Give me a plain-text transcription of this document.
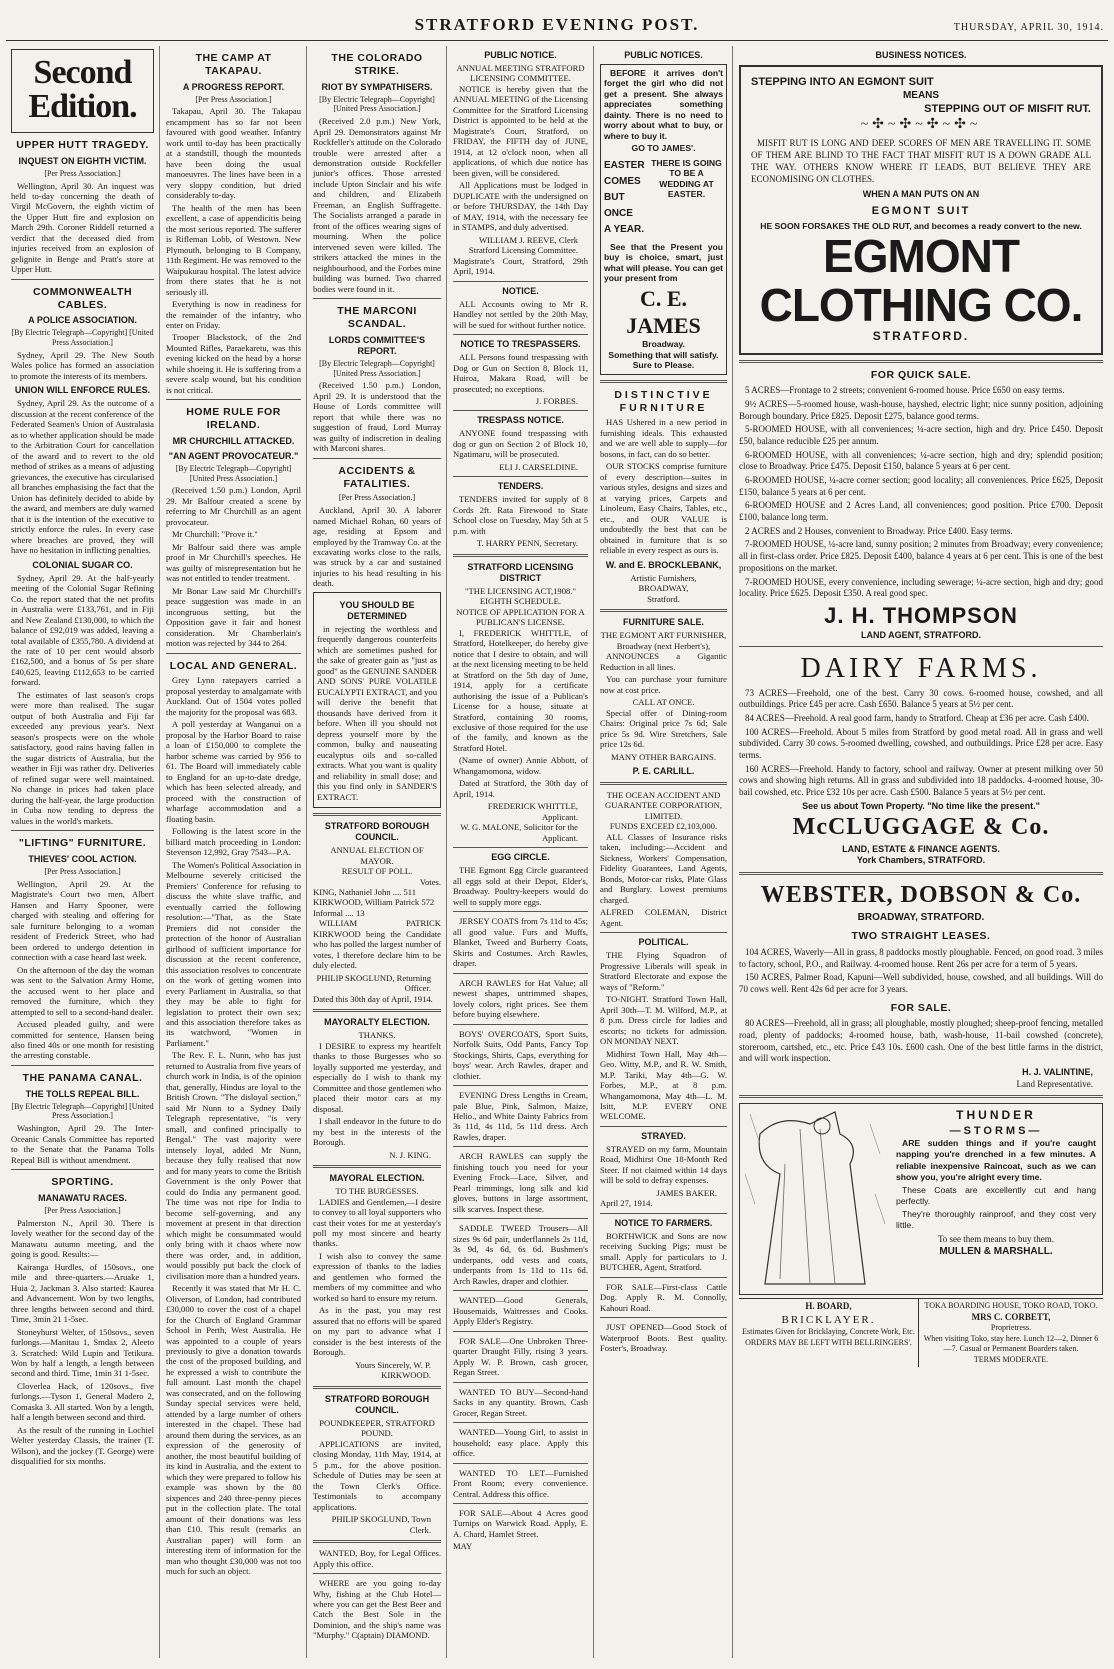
STRATFORD EVENING POST.	THURSDAY, APRIL 30, 1914.
Second Edition.
UPPER HUTT TRAGEDY.
INQUEST ON EIGHTH VICTIM.
[Per Press Association.]

Wellington, April 30. An inquest was held to-day concerning the death of Virgil McGovern, the eighth victim of the Upper Hutt fire and explosion on March 29th. Coroner Riddell returned a verdict that the deceased died from injuries received from an explosion of gelignite in Benge and Pratt's store at Upper Hutt.

COMMONWEALTH CABLES.
A POLICE ASSOCIATION.
[By Electric Telegraph—Copyright] [United Press Association.]

Sydney, April 29. The New South Wales police has formed an association to promote the interests of its members.

UNION WILL ENFORCE RULES.

Sydney, April 29. As the outcome of a discussion at the recent conference of the Federated Seamen's Union of Australasia as to whether application should be made to the Arbitration Court for cancellation of the award and to revert to the old method of strikes as a means of adjusting grievances, the executive has circularised all branches emphasising the fact that the Union has definitely decided to abide by the award, and members are duly warned that it is the intention of the executive to strictly enforce the rules. In every case where breaches are proved, they will have no hesitation in inflicting penalties.

COLONIAL SUGAR CO.

Sydney, April 29. At the half-yearly meeting of the Colonial Sugar Refining Co. the report stated that the net profits in Australia were £133,761, and in Fiji and New Zealand £130,000, to which the balance of £92,019 was added, leaving a total available of £355,780. A dividend at the rate of 10 per cent would absorb £162,500, and a bonus of 5s per share £40,625, leaving £112,653 to be carried forward.

The estimates of last season's crops were more than realised. The sugar output of both Australia and Fiji far exceeded any previous year's. Next season's prospects were on the whole satisfactory, good rains having fallen in the sugar districts of Australia, but the weather in Fiji was rather dry. Deliveries of refined sugar were well maintained. No change in prices had taken place during the half-year, the large production in Cuba now tending to depress the values in the world's markets.

"LIFTING" FURNITURE.
THIEVES' COOL ACTION.
[Per Press Association.]

Wellington, April 29. At the Magistrate's Court two men, Albert Hansen and Harry Spooner, were charged with stealing and offering for sale furniture belonging to a woman resident of Frederick Street, who had been ordered to undergo detention in connection with a case heard last week.

On the afternoon of the day the woman was sent to the Salvation Army Home, the accused went to her place and removed the furniture, which they attempted to sell to a second-hand dealer.

Accused pleaded guilty, and were committed for sentence, Hansen being also fined 40s or one month for resisting the arresting constable.

THE PANAMA CANAL.
THE TOLLS REPEAL BILL.
[By Electric Telegraph—Copyright] [United Press Association.]

Washington, April 29. The Inter-Oceanic Canals Committee has reported to the Senate that the Panama Tolls Repeal Bill is without amendment.

SPORTING.
MANAWATU RACES.
[Per Press Association.]

Palmerston N., April 30. There is lovely weather for the second day of the Manawatu autumn meeting, and the going is good. Results:—

Kairanga Hurdles, of 150sovs., one mile and three-quarters.—Aruake 1, Huia 2, Jackman 3. Also started: Kaurea and Advancement. Won by two lengths, three lengths between second and third. Time, 3min 21 1-5sec.

Stoneyhurst Welter, of 150sovs., seven furlongs.—Manitau 1, Smdax 2, Aleeto 3. Scratched: Wild Lupin and Tetikura. Won by half a length, a length between second and third. Time, 1min 31 1-5sec.

Cloverlea Hack, of 120sovs., five furlongs.—Tyson 1, General Madero 2, Comaska 3. All started. Won by a length, half a length between second and third.

As the result of the running in Lochiel Welter yesterday Classis, the trainer (T. Wilson), and the jockey (T. George) were disqualified for six months.

THE CAMP AT TAKAPAU.
A PROGRESS REPORT.
[Per Press Association.]

Takapau, April 30. The Takapau encampment has so far not been favoured with good weather. Infantry work until to-day has been practically at a standstill, though the mounteds have been doing the usual manoeuvres. The lines have been in a very sloppy condition, but dried considerably to-day.

The health of the men has been excellent, a case of appendicitis being the most serious reported. The sufferer is Rifleman Lobb, of Westown. New Plymouth, belonging to B Company, 11th Regiment. He was removed to the Waipukurau hospital. The latest advice from there states that he is not seriously ill.

Everything is now in readiness for the remainder of the infantry, who enter on Friday.

Trooper Blackstock, of the 2nd Mounted Rifles, Paraekaretu, was this evening kicked on the head by a horse while shoeing it. He is suffering from a severe scalp wound, but his condition is not critical.

HOME RULE FOR IRELAND.
MR CHURCHILL ATTACKED.
"AN AGENT PROVOCATEUR."
[By Electric Telegraph—Copyright] [United Press Association.]

(Received 1.50 p.m.) London, April 29. Mr Balfour created a scene by referring to Mr Churchill as an agent provocateur.

Mr Churchill: "Prove it."

Mr Balfour said there was ample proof in Mr Churchill's speeches. He was guilty of misrepresentation but he was not entitled to tender treatment.

Mr Bonar Law said Mr Churchill's peace suggestion was made in an incongruous setting, but the Opposition gave it fair and honest consideration. Mr Chamberlain's motion was rejected by 344 to 264.

LOCAL AND GENERAL.

Grey Lynn ratepayers carried a proposal yesterday to amalgamate with Auckland. Out of 1504 votes polled the majority for the proposal was 683.

A poll yesterday at Wanganui on a proposal by the Harbor Board to raise a loan of £150,000 to complete the harbor scheme was carried by 956 to 61. The Board will immediately cable to England for an up-to-date dredge, which has been selected already, and proceed with the construction of wharfage accommodation and a floating basin.

Following is the latest score in the billiard match proceeding in London: Stevenson 12,992, Gray 7543—P.A.

The Women's Political Association in Melbourne severely criticised the Premiers' Conference for refusing to discuss the white slave traffic, and eventually carried the following resolution:—"That, as the State Premiers did not consider the protection of the honor of Australian girlhood of sufficient importance for discussion at the recent conference, this association resolves to concentrate on the work of getting women into every Parliament in Australia, so that they may be able to fight for legislation to protect their own sex; and this association therefore takes as its watchword, "Women in Parliament."

The Rev. F. L. Nunn, who has just returned to Australia from five years of church work in India, is of the opinion that, generally, Hindus are loyal to the British Crown. "The disloyal section," said Mr Nunn to a Sydney Daily Telegraph representative, "is very small, and confined principally to Bengal." The vast majority were intensely loyal, added Mr Nunn, because they fully realised that now and for many years to come the British Government is the only Power that could do India any permanent good. The time was not ripe for India to become self-governing, and any movement at present in that direction which might be consummated would only bring with it chaos where now there was order, and, in addition, would possibly put back the clock of civilisation more than a hundred years.

Recently it was stated that Mr H. C. Oliverson, of London, had contributed £30,000 to cover the cost of a chapel for the Church of England Grammar School in Perth, West Australia. He was appointed to a couple of years previously to give a donation towards the cost of the proposed building, and he expressed a wish to contribute the full amount. Last month the chapel was consecrated, and on the following Sunday special services were held, attended by a large number of others interested in the chapel. These had around them during the services, as an expression of the generosity of another, the most beautiful building of its kind in Australia, and the extent to which they were prepared to follow his example was shown by the 80 sixpences and 240 three-penny pieces put in the collection plate. The total amount of their donations was less than £10. This result (remarks an Australian paper) will form an interesting item of information for the man who thought £30,000 was not too much for such an object.

THE COLORADO STRIKE.
RIOT BY SYMPATHISERS.
[By Electric Telegraph—Copyright] [United Press Association.]

(Received 2.0 p.m.) New York, April 29. Demonstrators against Mr Rockfeller's attitude on the Colorado trouble were arrested after a demonstration outside Rockfeller junior's offices. Those arrested include Upton Sinclair and his wife and children, and Elizabeth Freeman, an English Suffragette. The Socialists arranged a parade in front of the offices wearing signs of mourning. When the police intervened seven were killed. The strikers attacked the mines in the neighbourhood, and the Forbes mine building was burned. Two charred bodies were found in it.

THE MARCONI SCANDAL.
LORDS COMMITTEE'S REPORT.
[By Electric Telegraph—Copyright] [United Press Association.]

(Received 1.50 p.m.) London, April 29. It is understood that the House of Lords committee will report that while there was no suggestion of fraud, Lord Murray was guilty of indiscretion in dealing with Marconi shares.

ACCIDENTS & FATALITIES.
[Per Press Association.]

Auckland, April 30. A laborer named Michael Rohan, 60 years of age, residing at Epsom and employed by the Tramway Co. at the excavating works close to the rails, was struck by a car and sustained injuries to his head resulting in his death.

YOU SHOULD BE DETERMINED

in rejecting the worthless and frequently dangerous counterfeits which are sometimes pushed for the sake of greater gain as "just as good" as the GENUINE SANDER AND SONS' PURE VOLATILE EUCALYPTI EXTRACT, and you will derive the benefit that thousands have derived from it before. When ill you should not depress yourself more by the common, bulky and nauseating eucalyptus oils and so-called extracts. What you want is quality and reliability in small dose; and this you find only in SANDER'S EXTRACT.

STRATFORD BOROUGH COUNCIL.
ANNUAL ELECTION OF MAYOR.
RESULT OF POLL.
Votes.
KING, Nathaniel John .... 511
KIRKWOOD, William Patrick 572
Informal .... 13

WILLIAM PATRICK KIRKWOOD being the Candidate who has polled the largest number of votes, I therefore declare him to be duly elected.

PHILIP SKOGLUND, Returning Officer.
Dated this 30th day of April, 1914.
MAYORALTY ELECTION.
THANKS.

I DESIRE to express my heartfelt thanks to those Burgesses who so loyally supported me yesterday, and especially do I wish to thank my Committee and those gentlemen who placed their motor cars at my disposal.

I shall endeavor in the future to do my best in the interests of the Borough.

N. J. KING.
MAYORAL ELECTION.
TO THE BURGESSES.

LADIES and Gentlemen,—I desire to convey to all loyal supporters who cast their votes for me at yesterday's poll my most sincere and hearty thanks.

I wish also to convey the same expression of thanks to the ladies and gentlemen who formed the members of my committee and who worked so hard to ensure my return.

As in the past, you may rest assured that no efforts will be spared on my part to advance what I consider is the best interests of the Borough.

Yours Sincerely, W. P. KIRKWOOD.
STRATFORD BOROUGH COUNCIL.
POUNDKEEPER, STRATFORD POUND.

APPLICATIONS are invited, closing Monday, 11th May, 1914, at 5 p.m., for the above position. Schedule of Duties may be seen at the Town Clerk's Office. Testimonials to accompany applications.

PHILIP SKOGLUND, Town Clerk.

WANTED, Boy, for Legal Offices. Apply this office.

WHERE are you going to-day Why, fishing at the Club Hotel—where you can get the Best Beer and Catch the Best Sole in the Dominion, and the ship's name was "Murphy." C(aptain) DIAMOND.

PUBLIC NOTICE.
ANNUAL MEETING STRATFORD LICENSING COMMITTEE.

NOTICE is hereby given that the ANNUAL MEETING of the Licensing Committee for the Stratford Licensing District is appointed to be held at the Magistrate's Court, Stratford, on FRIDAY, the FIFTH day of JUNE, 1914, at 12 o'clock noon, when all applications, of which due notice has been given, will be considered.

All Applications must be lodged in DUPLICATE with the undersigned on or before THURSDAY, the 14th Day of MAY, 1914, with the necessary fee in STAMPS, and duly advertised.

WILLIAM J. REEVE, Clerk Stratford Licensing Committee.
Magistrate's Court, Stratford, 29th April, 1914.
NOTICE.

ALL Accounts owing to Mr R. Handley not settled by the 20th May, will be sued for without further notice.

NOTICE TO TRESPASSERS.

ALL Persons found trespassing with Dog or Gun on Section 8, Block 11, Huiroa, Makara Road, will be prosecuted; no exceptions.

J. FORBES.
TRESPASS NOTICE.

ANYONE found trespassing with dog or gun on Section 2 of Block 10, Ngatimaru, will be prosecuted.

ELI J. CARSELDINE.
TENDERS.

TENDERS invited for supply of 8 Cords 2ft. Rata Firewood to State School close on Tuesday, May 5th at 5 p.m. with

T. HARRY PENN, Secretary.
STRATFORD LICENSING DISTRICT
"THE LICENSING ACT,1908."
EIGHTH SCHEDULE.
NOTICE OF APPLICATION FOR A PUBLICAN'S LICENSE.

I, FREDERICK WHITTLE, of Stratford, Hotelkeeper, do hereby give notice that I desire to obtain, and will at the next licensing meeting to be held at Stratford on the 5th day of June, 1914, apply for a certificate authorising the issue of a Publican's License for a house, situate at Stratford, containing 30 rooms, exclusive of those required for the use of the family, and known as the Stratford Hotel.

(Name of owner) Annie Abbott, of Whangamomona, widow.

Dated at Stratford, the 30th day of April, 1914.

FREDERICK WHITTLE, Applicant.
W. G. MALONE, Solicitor for the Applicant.
EGG CIRCLE.

THE Egmont Egg Circle guaranteed all eggs sold at their Depot, Elder's, Broadway. Poultry-keepers would do well to supply more eggs.

JERSEY COATS from 7s 11d to 45s; all good value. Furs and Muffs, Blanket, Tweed and Burberry Coats, Skirts and Costumes. Arch Rawles, draper.

ARCH RAWLES for Hat Value; all newest shapes, untrimmed shapes, lovely colors, right prices. See them before buying elsewhere.

BOYS' OVERCOATS, Sport Suits, Norfolk Suits, Odd Pants, Fancy Top Stockings, Shirts, Caps, everything for boys' wear. Arch Rawles, draper and clothier.

EVENING Dress Lengths in Cream, pale Blue, Pink, Salmon, Maize, Helio., and White Dainty Fabrics from 3s 11d, 4s 11d, 5s 11d dress. Arch Rawles, draper.

ARCH RAWLES can supply the finishing touch you need for your Evening Frock—Lace, Silver, and Pearl trimmings, long silk and kid gloves, buttons in large assortment, silk scarves. Inspect these.

SADDLE TWEED Trousers—All sizes 9s 6d pair, underflannels 2s 11d, 3s 9d, 4s 6d, 6s 6d. Bushmen's underpants, odd vests and coats, underpants from 1s 11d to 11s 6d. Arch Rawles, draper and clothier.

WANTED—Good Generals, Housemaids, Waitresses and Cooks. Apply Elder's Registry.

FOR SALE—One Unbroken Three-quarter Draught Filly, rising 3 years. Apply W. P. Brown, cash grocer, Regan Street.

WANTED TO BUY—Second-hand Sacks in any quantity. Brown, Cash Grocer, Regan Street.

WANTED—Young Girl, to assist in household; easy place. Apply this office.

WANTED TO LET—Furnished Front Room; every convenience. Central. Address this office.

FOR SALE—About 4 Acres good Turnips on Warwick Road. Apply, E. A. Chard, Hamlet Street.

MAY
PUBLIC NOTICES.

BEFORE it arrives don't forget the girl who did not get a present. She always appreciates something dainty. There is no need to worry about what to buy, or where to buy it.

GO TO JAMES'.
EASTER
COMES
BUT
ONCE
A YEAR.
THERE IS GOING TO BE A WEDDING AT EASTER.

See that the Present you buy is choice, smart, just what will please. You can get your present from

C. E. JAMES
Broadway.
Something that will satisfy. Sure to Please.
DISTINCTIVE FURNITURE

HAS Ushered in a new period in furnishing ideals. This exhausted and we are well able to supply—for bosons, in fact, can do so better.

OUR STOCKS comprise furniture of every description—suites in various styles, designs and sizes and at varying prices, Carpets and Linoleum, Easy Chairs, Tables, etc., etc., and OUR VALUE is undoubtedly the best that can be obtained in furniture that is so reliable in every respect as ours is.

W. and E. BROCKLEBANK,
Artistic Furnishers,
BROADWAY,
Stratford.
FURNITURE SALE.
THE EGMONT ART FURNISHER, Broadway (next Herbert's),

ANNOUNCES a Gigantic Reduction in all lines.

You can purchase your furniture now at cost price.

CALL AT ONCE.

Special offer of Dining-room Chairs: Original price 7s 6d; Sale price 5s 9d. Wire Stretchers, Sale price 12s 6d.

MANY OTHER BARGAINS.
P. E. CARLILL.
THE OCEAN ACCIDENT AND GUARANTEE CORPORATION, LIMITED.
FUNDS EXCEED £2,103,000.

ALL Classes of Insurance risks taken, including:—Accident and Sickness, Workers' Compensation, Fidelity Guarantees, Land Agents, Bonds, Motor-car risks, Plate Glass and Burglary. Lowest premiums charged.

ALFRED COLEMAN, District Agent.
POLITICAL.

THE Flying Squadron of Progressive Liberals will speak in Stratford Electorate and expose the ways of "Reform."

TO-NIGHT. Stratford Town Hall, April 30th—T. M. Wilford, M.P., at 8 p.m. Dress circle for ladies and escorts; no tickets for admission. ON MONDAY NEXT.

Midhirst Town Hall, May 4th—Geo. Witty, M.P., and R. W. Smith, M.P. Tariki, May 4th—G. W. Forbes, M.P., at 8 p.m. Whangamomona, May 4th—L. M. Isitt, M.P. EVERY ONE WELCOME.

STRAYED.

STRAYED on my farm, Mountain Road, Midhirst One 18-Month Red Steer. If not claimed within 14 days will be sold to defray expenses.

JAMES BAKER.
April 27, 1914.
NOTICE TO FARMERS.

BORTHWICK and Sons are now receiving Sucking Pigs; must be small. Apply for particulars to J. BUTCHER, Agent, Stratford.

FOR SALE—First-class Cattle Dog. Apply R. M. Connolly, Kahouri Road.

JUST OPENED—Good Stock of Waterproof Boots. Best quality. Foster's, Broadway.

BUSINESS NOTICES.
STEPPING INTO AN EGMONT SUIT
MEANS
STEPPING OUT OF MISFIT RUT.
~✣~✣~✣~✣~

MISFIT RUT IS LONG AND DEEP. SCORES OF MEN ARE TRAVELLING IT. SOME OF THEM ARE BLIND TO THE FACT THAT MISFIT RUT IS A DOWN GRADE ALL THE WAY. OTHERS KNOW WHERE IT LEADS, BUT BELIEVE THEY ARE ECONOMISING ON CLOTHES.

WHEN A MAN PUTS ON AN
EGMONT SUIT
HE SOON FORSAKES THE OLD RUT, and becomes a ready convert to the new.
EGMONT CLOTHING CO.
STRATFORD.
FOR QUICK SALE.

5 ACRES—Frontage to 2 streets; convenient 6-roomed house. Price £650 on easy terms.

9½ ACRES—5-roomed house, wash-house, hayshed, electric light; nice sunny position, adjoining Borough boundary. Price £825. Deposit £275, balance good terms.

5-ROOMED HOUSE, with all conveniences; ¼-acre section, high and dry. Price £450. Deposit £50, balance reducible £25 per annum.

6-ROOMED HOUSE, with all conveniences; ¼-acre section, high and dry; splendid position; close to Broadway. Price £475. Deposit £150, balance 5 years at 6 per cent.

6-ROOMED HOUSE, ¼-acre corner section; good locality; all conveniences. Price £625, Deposit £150, balance 5 years at 6 per cent.

6-ROOMED HOUSE and 2 Acres Land, all conveniences; good position. Price £700. Deposit £100, balance long term.

2 ACRES and 2 Houses, convenient to Broadway. Price £400. Easy terms.

7-ROOMED HOUSE, ¼-acre land, sunny position; 2 minutes from Broadway; every convenience; all in first-class order. Price £825. Deposit £400, balance 4 years at 6 per cent. This is one of the best propositions on the market.

7-ROOMED HOUSE, every convenience, including sewerage; ¼-acre section, high and dry; good locality. Price £625. Deposit £350. A real good spec.

J. H. THOMPSON
LAND AGENT, STRATFORD.
DAIRY FARMS.

73 ACRES—Freehold, one of the best. Carry 30 cows. 6-roomed house, cowshed, and all outbuildings. Price £45 per acre. Cash £650. Balance 5 years at 5½ per cent.

84 ACRES—Freehold. A real good farm, handy to Stratford. Cheap at £36 per acre. Cash £400.

100 ACRES—Freehold. About 5 miles from Stratford by good metal road. All in grass and well subdivided. Carry 30 cows. 5-roomed dwelling, cowshed, and outbuildings. Price £28 per acre. Easy terms.

160 ACRES—Freehold. Handy to factory, school and railway. Owner at present milking over 50 cows and showing high returns. All in grass and subdivided into 18 paddocks. 4-roomed house, 30-bail cowshed, etc. Price £32 10s per acre. Cash £500. Balance 5 years at 5½ per cent.

See us about Town Property. "No time like the present."
McCLUGGAGE & Co.
LAND, ESTATE & FINANCE AGENTS.
York Chambers, STRATFORD.
WEBSTER, DOBSON & Co.
BROADWAY, STRATFORD.
TWO STRAIGHT LEASES.

104 ACRES, Waverly—All in grass, 8 paddocks mostly ploughable. Fenced, on good road. 3 miles to factory, school, P.O., and Railway. 4-roomed house. Rent 26s per acre for a term of 5 years.

150 ACRES, Palmer Road, Kapuni—Well subdivided, house, cowshed, and all buildings. Will do 70 cows well. Rent 42s 6d per acre for 3 years.

FOR SALE.

80 ACRES—Freehold, all in grass; all ploughable, mostly ploughed; sheep-proof fencing, metalled road, plenty of paddocks; 4-roomed house, bath, wash-house, 11-bail cowshed (concrete), storeroom, cartshed, etc., etc. Price £43 10s. £600 cash. One of the best little farms in the district, and will work inspection.

H. J. VALINTINE,
Land Representative.
THUNDER
—STORMS—

ARE sudden things and if you're caught napping you're drenched in a few minutes. A reliable inexpensive Raincoat, such as we can show you, you're alright every time.

These Coats are excellently cut and hang perfectly.

They're thoroughly rainproof, and they cost very little.

To see them means to buy them.
MULLEN & MARSHALL.
H. BOARD,
BRICKLAYER.
Estimates Given for Bricklaying, Concrete Work, Etc.
ORDERS MAY BE LEFT WITH BELLRINGERS'.
TOKA BOARDING HOUSE, TOKO ROAD, TOKO.
MRS C. CORBETT,
Proprietress.
When visiting Toko, stay here. Lunch 12—2, Dinner 6—7. Casual or Permanent Boarders taken.
TERMS MODERATE.
